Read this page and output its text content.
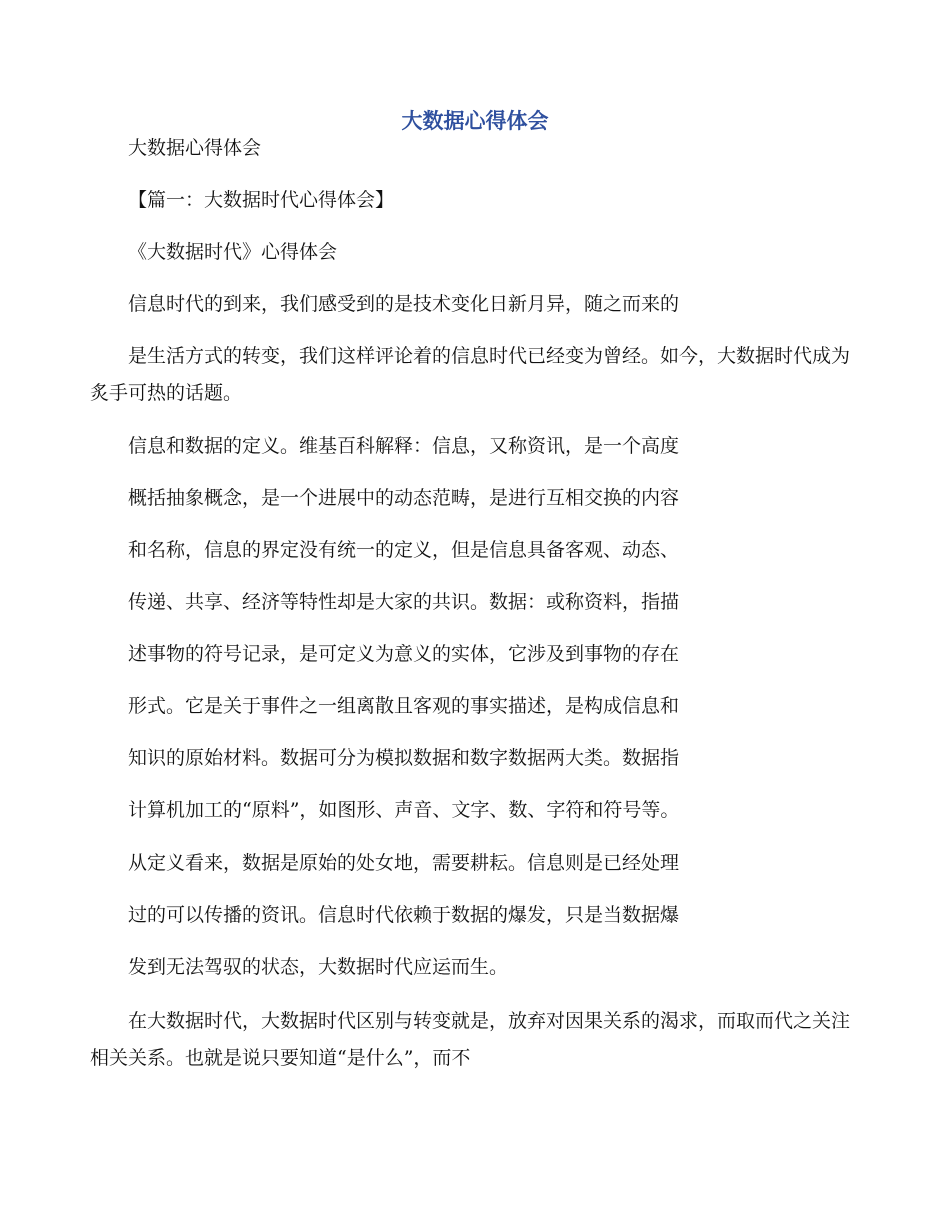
大数据心得体会

大数据心得体会

【篇一：大数据时代心得体会】

《大数据时代》心得体会

信息时代的到来，我们感受到的是技术变化日新月异，随之而来的

是生活方式的转变，我们这样评论着的信息时代已经变为曾经。如今，大数据时代成为炙手可热的话题。

信息和数据的定义。维基百科解释：信息，又称资讯，是一个高度

概括抽象概念，是一个进展中的动态范畴，是进行互相交换的内容

和名称，信息的界定没有统一的定义，但是信息具备客观、动态、

传递、共享、经济等特性却是大家的共识。数据：或称资料，指描

述事物的符号记录，是可定义为意义的实体，它涉及到事物的存在

形式。它是关于事件之一组离散且客观的事实描述，是构成信息和

知识的原始材料。数据可分为模拟数据和数字数据两大类。数据指

计算机加工的“原料”，如图形、声音、文字、数、字符和符号等。

从定义看来，数据是原始的处女地，需要耕耘。信息则是已经处理

过的可以传播的资讯。信息时代依赖于数据的爆发，只是当数据爆

发到无法驾驭的状态，大数据时代应运而生。

在大数据时代，大数据时代区别与转变就是，放弃对因果关系的渴求，而取而代之关注相关关系。也就是说只要知道“是什么”，而不
